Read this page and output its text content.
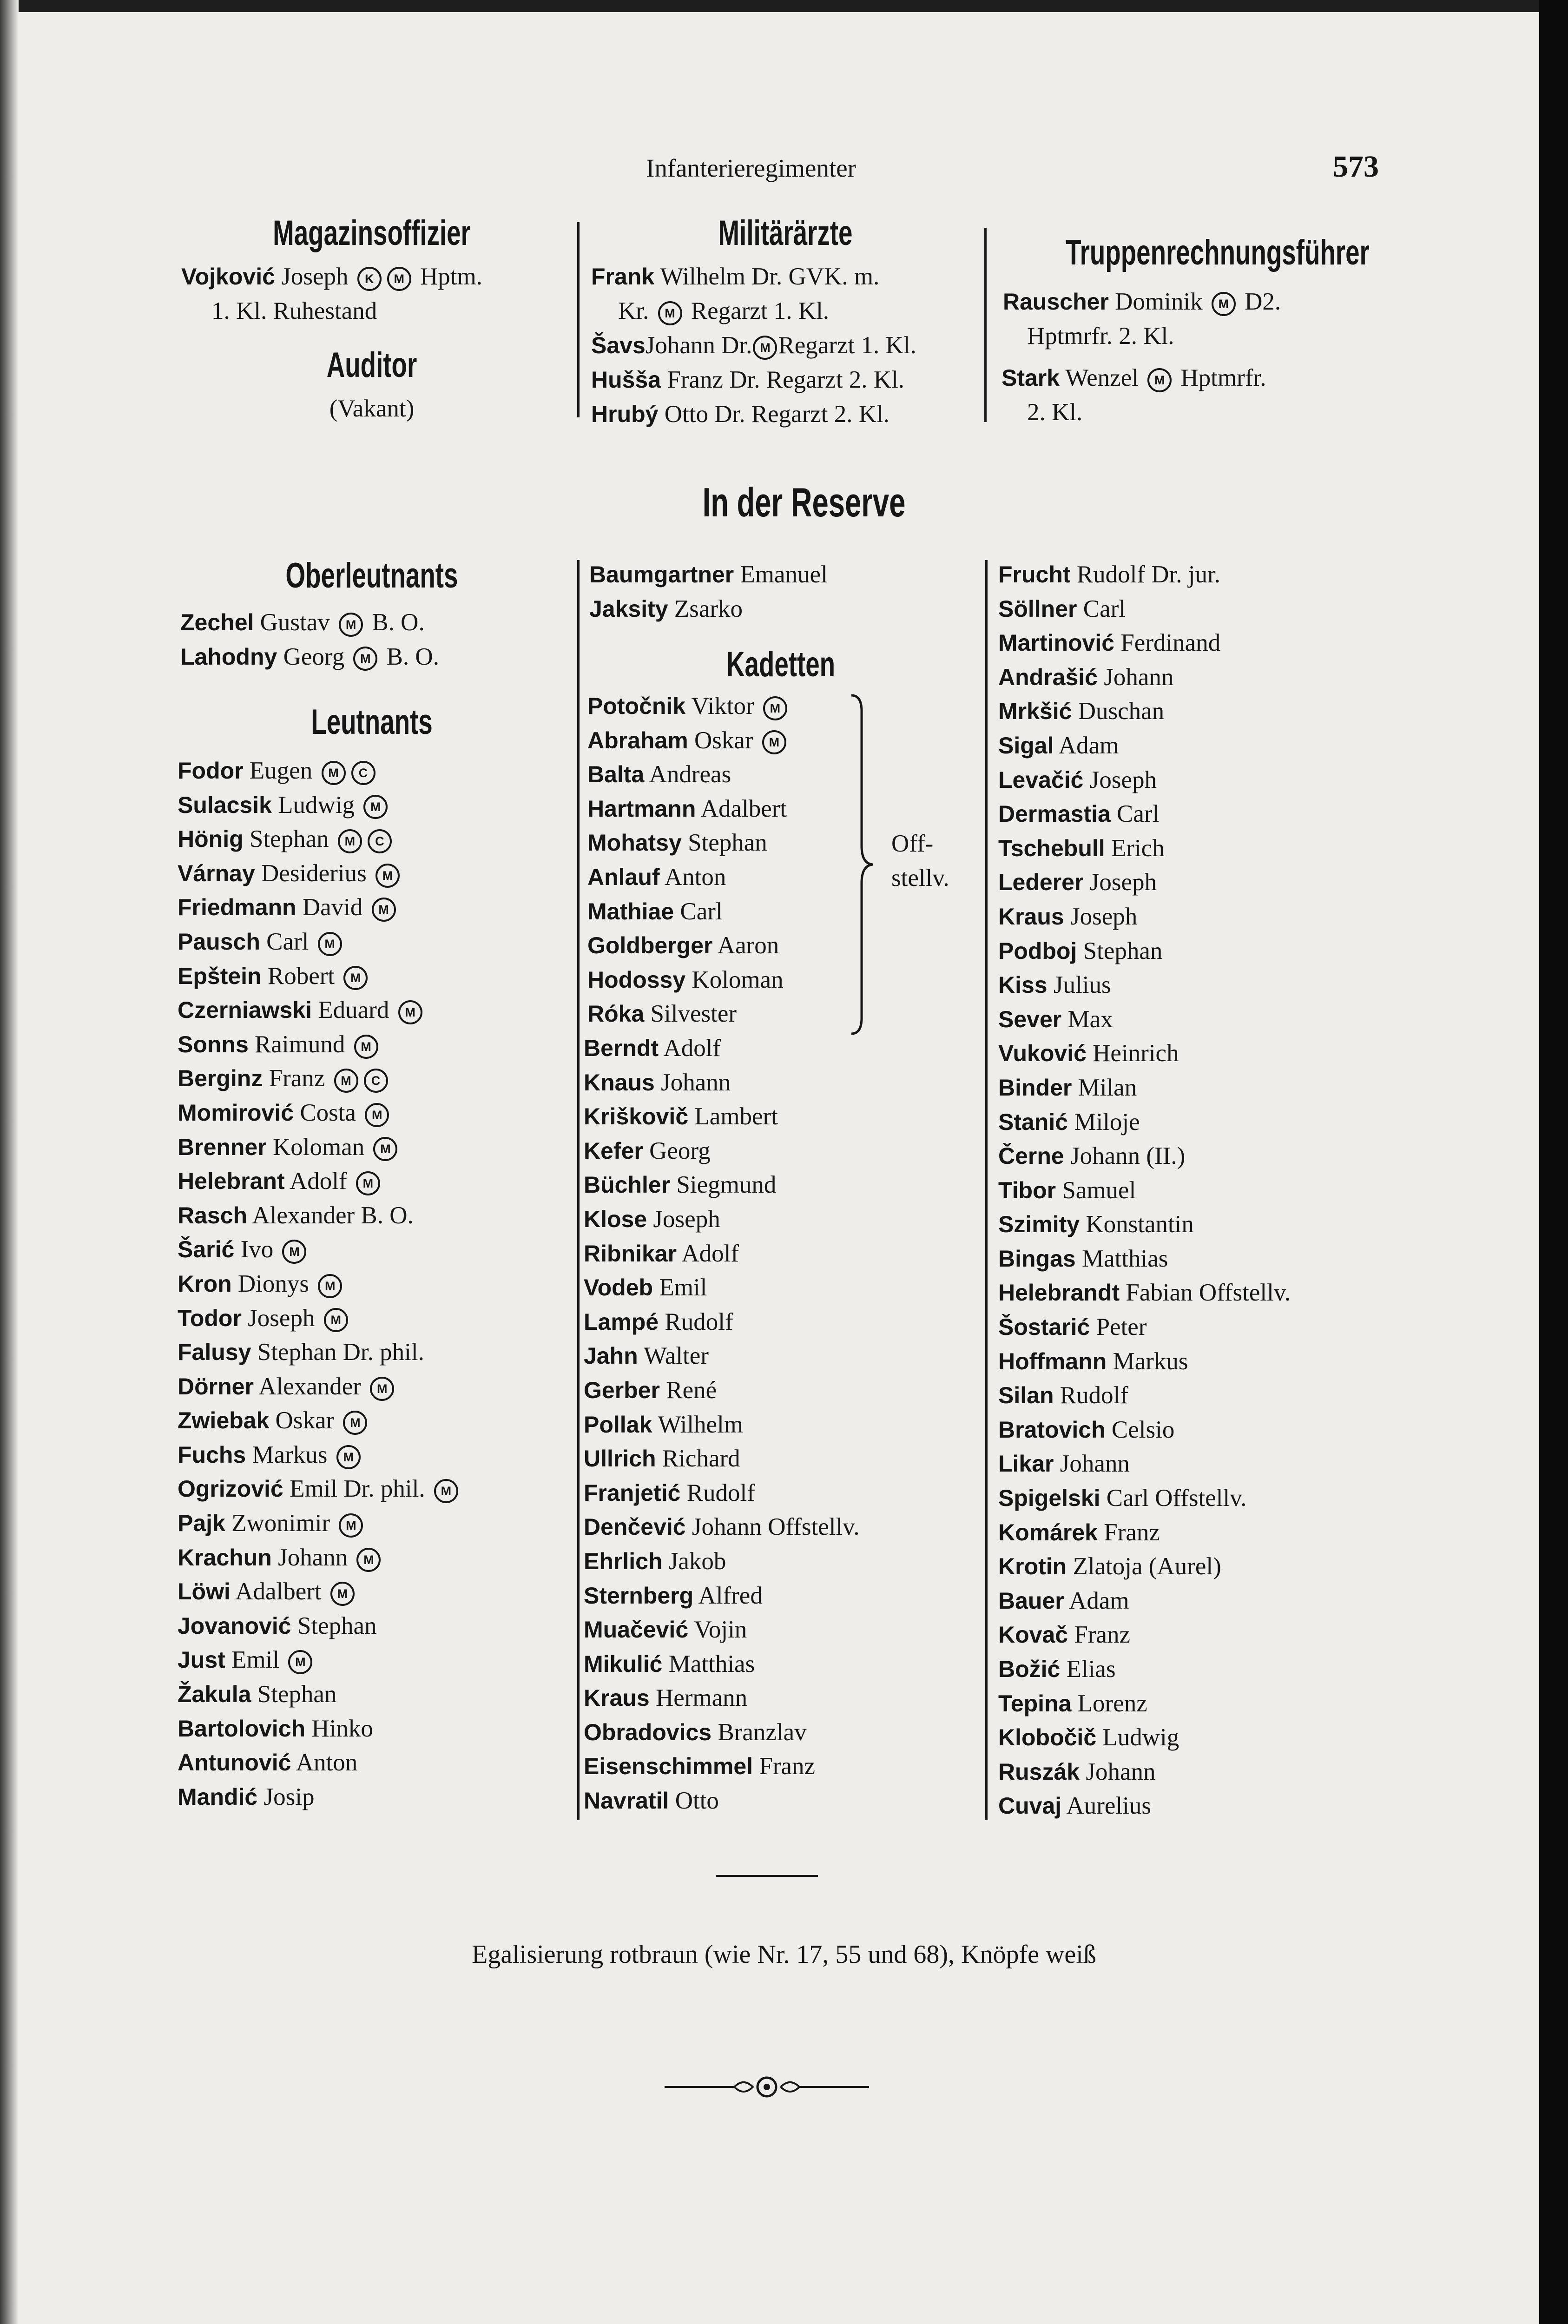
Infanterieregimenter	573
Magazinsoffizier
Vojković Joseph K M Hptm.
1. Kl. Ruhestand
Auditor
(Vakant)
Militärärzte
Frank Wilhelm Dr. GVK. m.
Kr. M Regarzt 1. Kl.
ŠavsJohann Dr. M Regarzt 1. Kl.
Hušša Franz Dr. Regarzt 2. Kl.
Hrubý Otto Dr. Regarzt 2. Kl.
Truppenrechnungsführer
Rauscher Dominik M D2.
Hptmrfr. 2. Kl.
Stark Wenzel M Hptmrfr.
2. Kl.
In der Reserve
Oberleutnants
Zechel Gustav M B. O.
Lahodny Georg M B. O.
Leutnants
Fodor Eugen M C
Sulacsik Ludwig M
Hönig Stephan M C
Várnay Desiderius M
Friedmann David M
Pausch Carl M
Epštein Robert M
Czerniawski Eduard M
Sonns Raimund M
Berginz Franz M C
Momirović Costa M
Brenner Koloman M
Helebrant Adolf M
Rasch Alexander B. O.
Šarić Ivo M
Kron Dionys M
Todor Joseph M
Falusy Stephan Dr. phil.
Dörner Alexander M
Zwiebak Oskar M
Fuchs Markus M
Ogrizović Emil Dr. phil. M
Pajk Zwonimir M
Krachun Johann M
Löwi Adalbert M
Jovanović Stephan
Just Emil M
Žakula Stephan
Bartolovich Hinko
Antunović Anton
Mandić Josip
Baumgartner Emanuel
Jaksity Zsarko
Kadetten
Potočnik Viktor M
Abraham Oskar M
Balta Andreas
Hartmann Adalbert
Mohatsy Stephan
Anlauf Anton
Mathiae Carl
Goldberger Aaron
Hodossy Koloman
Róka Silvester
Off-
stellv.
Berndt Adolf
Knaus Johann
Kriškovič Lambert
Kefer Georg
Büchler Siegmund
Klose Joseph
Ribnikar Adolf
Vodeb Emil
Lampé Rudolf
Jahn Walter
Gerber René
Pollak Wilhelm
Ullrich Richard
Franjetić Rudolf
Denčević Johann Offstellv.
Ehrlich Jakob
Sternberg Alfred
Muačević Vojin
Mikulić Matthias
Kraus Hermann
Obradovics Branzlav
Eisenschimmel Franz
Navratil Otto
Frucht Rudolf Dr. jur.
Söllner Carl
Martinović Ferdinand
Andrašić Johann
Mrkšić Duschan
Sigal Adam
Levačić Joseph
Dermastia Carl
Tschebull Erich
Lederer Joseph
Kraus Joseph
Podboj Stephan
Kiss Julius
Sever Max
Vuković Heinrich
Binder Milan
Stanić Miloje
Černe Johann (II.)
Tibor Samuel
Szimity Konstantin
Bingas Matthias
Helebrandt Fabian Offstellv.
Šostarić Peter
Hoffmann Markus
Silan Rudolf
Bratovich Celsio
Likar Johann
Spigelski Carl Offstellv.
Komárek Franz
Krotin Zlatoja (Aurel)
Bauer Adam
Kovač Franz
Božić Elias
Tepina Lorenz
Klobočič Ludwig
Ruszák Johann
Cuvaj Aurelius
Egalisierung rotbraun (wie Nr. 17, 55 und 68), Knöpfe weiß
